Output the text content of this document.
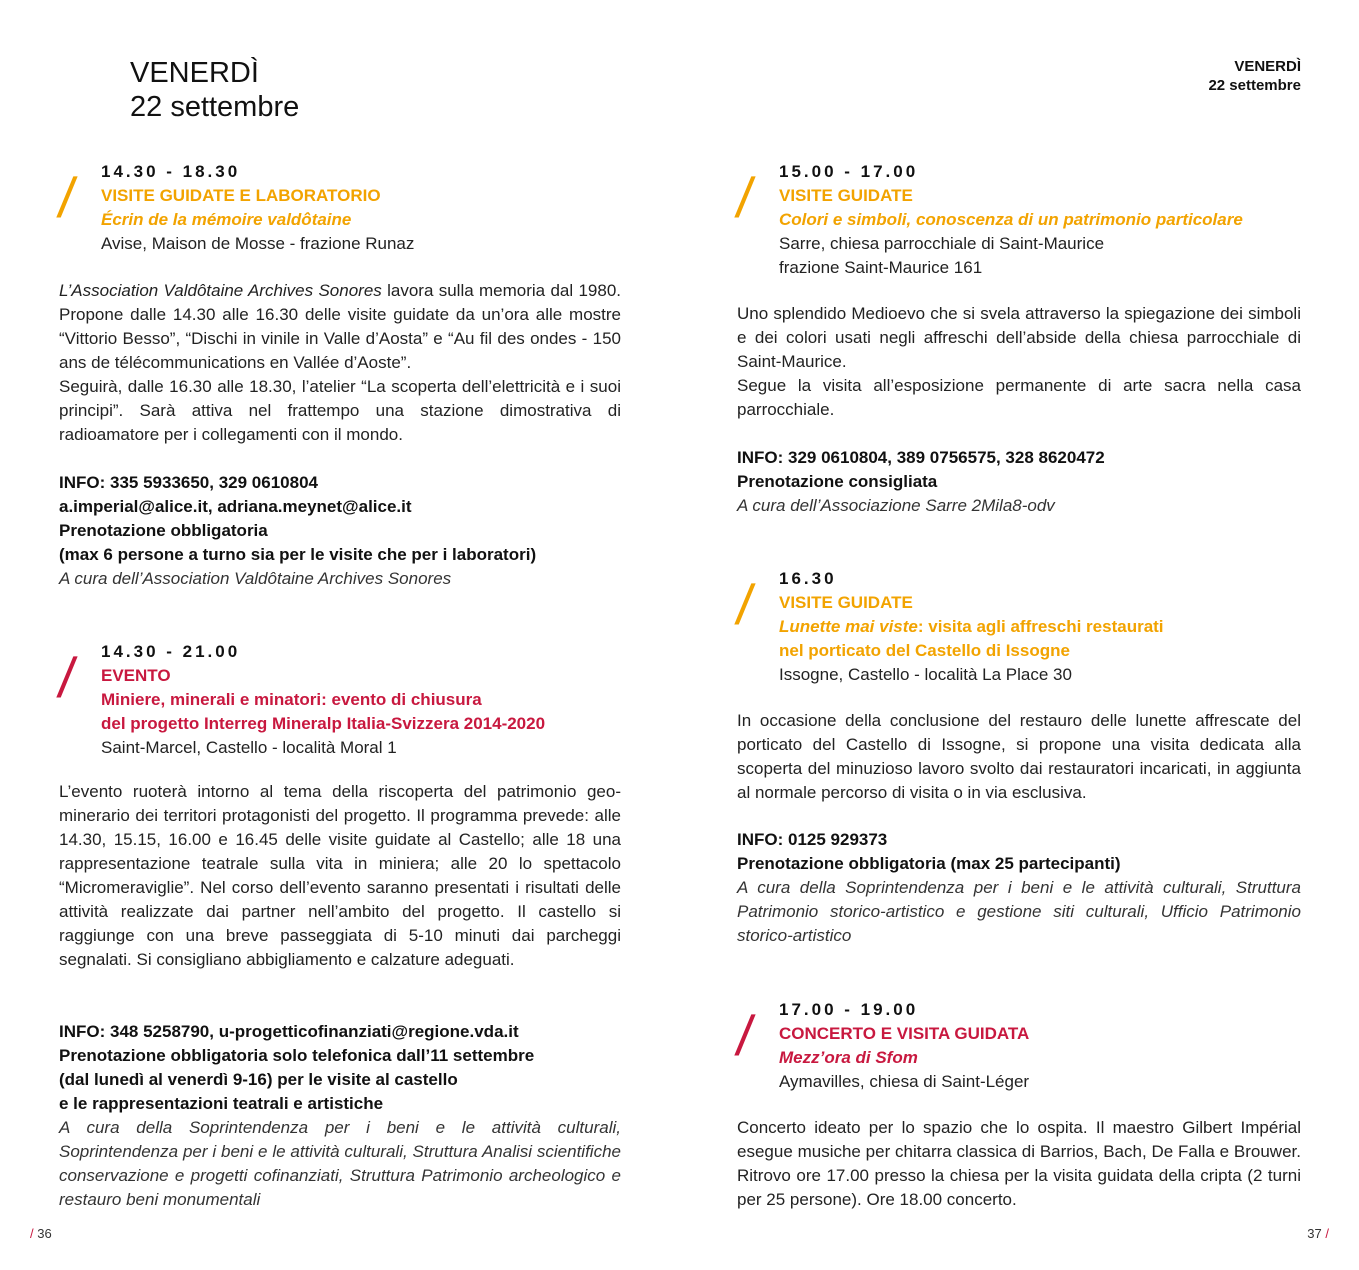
VENERDÌ
22 settembre
VENERDÌ
22 settembre
/ 14.30 - 18.30
VISITE GUIDATE E LABORATORIO
Écrin de la mémoire valdôtaine
Avise, Maison de Mosse - frazione Runaz

L’Association Valdôtaine Archives Sonores lavora sulla memoria dal 1980. Propone dalle 14.30 alle 16.30 delle visite guidate da un’ora alle mostre “Vittorio Besso”, “Dischi in vinile in Valle d’Aosta” e “Au fil des ondes - 150 ans de télécommunications en Vallée d’Aoste”.

Seguirà, dalle 16.30 alle 18.30, l’atelier “La scoperta dell’elettricità e i suoi principi”. Sarà attiva nel frattempo una stazione dimostrativa di radioamatore per i collegamenti con il mondo.

INFO: 335 5933650, 329 0610804
a.imperial@alice.it, adriana.meynet@alice.it
Prenotazione obbligatoria
(max 6 persone a turno sia per le visite che per i laboratori)
A cura dell’Association Valdôtaine Archives Sonores
/ 14.30 - 21.00
EVENTO
Miniere, minerali e minatori: evento di chiusura
del progetto Interreg Mineralp Italia-Svizzera 2014-2020
Saint-Marcel, Castello - località Moral 1

L’evento ruoterà intorno al tema della riscoperta del patrimonio geo- minerario dei territori protagonisti del progetto. Il programma prevede: alle 14.30, 15.15, 16.00 e 16.45 delle visite guidate al Castello; alle 18 una rappresentazione teatrale sulla vita in miniera; alle 20 lo spettacolo “Micromeraviglie”. Nel corso dell’evento saranno presentati i risultati delle attività realizzate dai partner nell’ambito del progetto. Il castello si raggiunge con una breve passeggiata di 5-10 minuti dai parcheggi segnalati. Si consigliano abbigliamento e calzature adeguati.

INFO: 348 5258790, u-progetticofinanziati@regione.vda.it
Prenotazione obbligatoria solo telefonica dall’11 settembre
(dal lunedì al venerdì 9-16) per le visite al castello
e le rappresentazioni teatrali e artistiche

A cura della Soprintendenza per i beni e le attività culturali, Soprintendenza per i beni e le attività culturali, Struttura Analisi scientifiche conservazione e progetti cofinanziati, Struttura Patrimonio archeologico e restauro beni monumentali

/ 15.00 - 17.00
VISITE GUIDATE
Colori e simboli, conoscenza di un patrimonio particolare
Sarre, chiesa parrocchiale di Saint-Maurice
frazione Saint-Maurice 161

Uno splendido Medioevo che si svela attraverso la spiegazione dei simboli e dei colori usati negli affreschi dell’abside della chiesa parrocchiale di Saint-Maurice.

Segue la visita all’esposizione permanente di arte sacra nella casa parrocchiale.

INFO: 329 0610804, 389 0756575, 328 8620472
Prenotazione consigliata
A cura dell’Associazione Sarre 2Mila8-odv
/ 16.30
VISITE GUIDATE
Lunette mai viste: visita agli affreschi restaurati
nel porticato del Castello di Issogne
Issogne, Castello - località La Place 30

In occasione della conclusione del restauro delle lunette affrescate del porticato del Castello di Issogne, si propone una visita dedicata alla scoperta del minuzioso lavoro svolto dai restauratori incaricati, in aggiunta al normale percorso di visita o in via esclusiva.

INFO: 0125 929373
Prenotazione obbligatoria (max 25 partecipanti)

A cura della Soprintendenza per i beni e le attività culturali, Struttura Patrimonio storico-artistico e gestione siti culturali, Ufficio Patrimonio storico-artistico

/ 17.00 - 19.00
CONCERTO E VISITA GUIDATA
Mezz’ora di Sfom
Aymavilles, chiesa di Saint-Léger

Concerto ideato per lo spazio che lo ospita. Il maestro Gilbert Impérial esegue musiche per chitarra classica di Barrios, Bach, De Falla e Brouwer. Ritrovo ore 17.00 presso la chiesa per la visita guidata della cripta (2 turni per 25 persone). Ore 18.00 concerto.

/ 36	37 /
